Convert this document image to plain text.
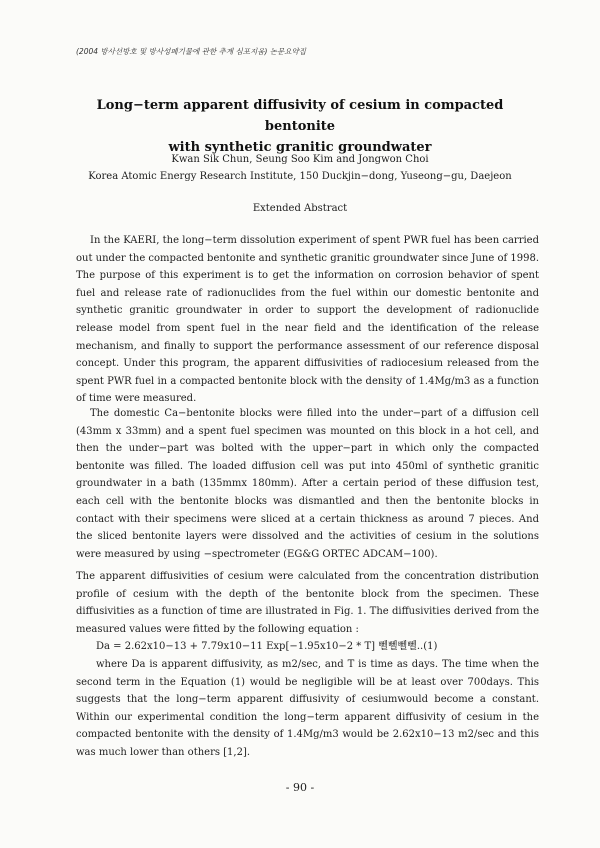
(2004 방사선방호 및 방사성폐기물에 관한 추계 심포지움) 논문요약집
Long−term apparent diffusivity of cesium in compacted bentonite
with synthetic granitic groundwater
Kwan Sik Chun, Seung Soo Kim and Jongwon Choi
Korea Atomic Energy Research Institute, 150 Duckjin−dong, Yuseong−gu, Daejeon
Extended Abstract

In the KAERI, the long−term dissolution experiment of spent PWR fuel has been carried out under the compacted bentonite and synthetic granitic groundwater since June of 1998. The purpose of this experiment is to get the information on corrosion behavior of spent fuel and release rate of radionuclides from the fuel within our domestic bentonite and synthetic granitic groundwater in order to support the development of radionuclide release model from spent fuel in the near field and the identification of the release mechanism, and finally to support the performance assessment of our reference disposal concept. Under this program, the apparent diffusivities of radiocesium released from the spent PWR fuel in a compacted bentonite block with the density of 1.4Mg/m3 as a function of time were measured.

The domestic Ca−bentonite blocks were filled into the under−part of a diffusion cell (43mm x 33mm) and a spent fuel specimen was mounted on this block in a hot cell, and then the under−part was bolted with the upper−part in which only the compacted bentonite was filled. The loaded diffusion cell was put into 450ml of synthetic granitic groundwater in a bath (135mmx 180mm). After a certain period of these diffusion test, each cell with the bentonite blocks was dismantled and then the bentonite blocks in contact with their specimens were sliced at a certain thickness as around 7 pieces. And the sliced bentonite layers were dissolved and the activities of cesium in the solutions were measured by using −spectrometer (EG&G ORTEC ADCAM−100).

The apparent diffusivities of cesium were calculated from the concentration distribution profile of cesium with the depth of the bentonite block from the specimen. These diffusivities as a function of time are illustrated in Fig. 1. The diffusivities derived from the measured values were fitted by the following equation :
Da = 2.62x10−13 + 7.79x10−11 Exp[−1.95x10−2 * T] 뻴뻴뻴뻴..(1)
where Da is apparent diffusivity, as m2/sec, and T is time as days. The time when the second term in the Equation (1) would be negligible will be at least over 700days. This suggests that the long−term apparent diffusivity of cesiumwould become a constant. Within our experimental condition the long−term apparent diffusivity of cesium in the compacted bentonite with the density of 1.4Mg/m3 would be 2.62x10−13 m2/sec and this was much lower than others [1,2].
- 90 -
